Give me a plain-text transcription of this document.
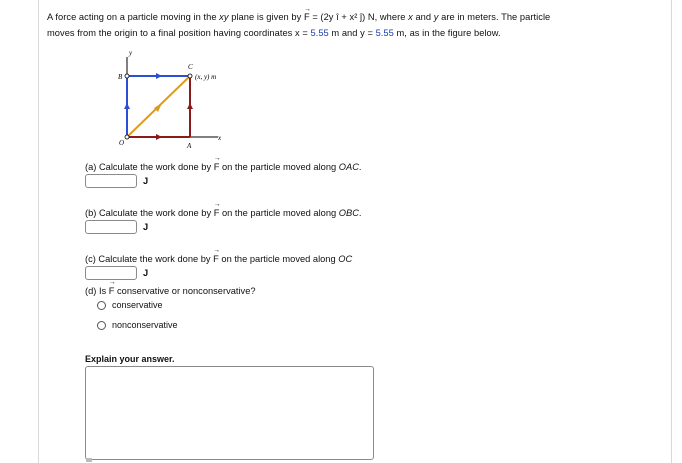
A force acting on a particle moving in the xy plane is given by → F = (2y î + x² ĵ) N, where x and y are in meters. The particle
moves from the origin to a final position having coordinates x = 5.55 m and y = 5.55 m, as in the figure below.
y
x
B
C
O	A
(x, y) m
(a) Calculate the work done by → F on the particle moved along OAC.
J
(b) Calculate the work done by → F on the particle moved along OBC.
J
(c) Calculate the work done by → F on the particle moved along OC
J
(d) Is → F conservative or nonconservative?
conservative
nonconservative
Explain your answer.
